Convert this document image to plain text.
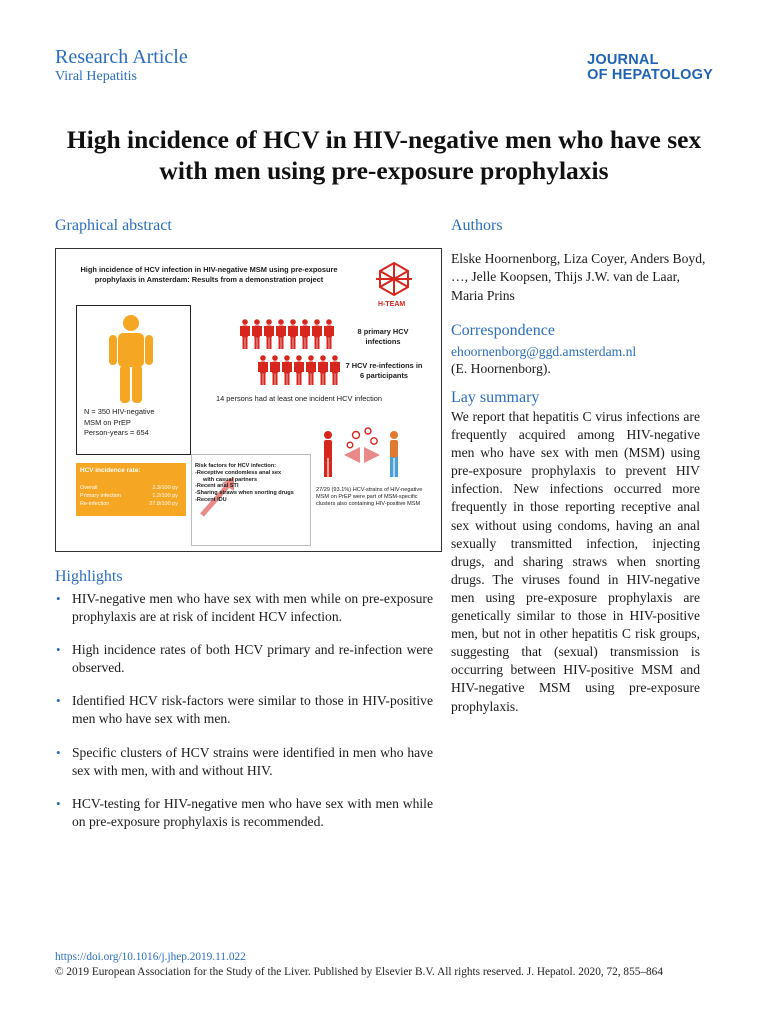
Research Article
Viral Hepatitis
JOURNAL
OF HEPATOLOGY
High incidence of HCV in HIV-negative men who have sex with men using pre-exposure prophylaxis
Graphical abstract
High incidence of HCV infection in HIV-negative MSM using pre-exposure prophylaxis in Amsterdam: Results from a demonstration project
H-TEAM
N = 350 HIV-negative
MSM on PrEP
Person-years = 654
8 primary HCV infections
7 HCV re-infections in 6 participants
14 persons had at least one incident HCV infection
HCV incidence rate:
Overall	2.3/100 py
Primary infection	1.2/100 py
Re-infection	27.8/100 py
Risk factors for HCV infection:
-Receptive condomless anal sex
with casual partners
-Recent anal STI
-Sharing straws when snorting drugs
-Recent IDU
27/29 (93.1%) HCV-strains of HIV-negative MSM on PrEP were part of MSM-specific clusters also containing HIV-positive MSM
Highlights
• HIV-negative men who have sex with men while on pre-exposure prophylaxis are at risk of incident HCV infection.
• High incidence rates of both HCV primary and re-infection were observed.
• Identified HCV risk-factors were similar to those in HIV-positive men who have sex with men.
• Specific clusters of HCV strains were identified in men who have sex with men, with and without HIV.
• HCV-testing for HIV-negative men who have sex with men while on pre-exposure prophylaxis is recommended.
Authors
Elske Hoornenborg, Liza Coyer, Anders Boyd, …, Jelle Koopsen, Thijs J.W. van de Laar, Maria Prins
Correspondence
ehoornenborg@ggd.amsterdam.nl
(E. Hoornenborg).
Lay summary
We report that hepatitis C virus infections are frequently acquired among HIV-negative men who have sex with men (MSM) using pre-exposure prophylaxis to prevent HIV infection. New infections occurred more frequently in those reporting receptive anal sex without using condoms, having an anal sexually transmitted infection, injecting drugs, and sharing straws when snorting drugs. The viruses found in HIV-negative men using pre-exposure prophylaxis are genetically similar to those in HIV-positive men, but not in other hepatitis C risk groups, suggesting that (sexual) transmission is occurring between HIV-positive MSM and HIV-negative MSM using pre-exposure prophylaxis.
https://doi.org/10.1016/j.jhep.2019.11.022
© 2019 European Association for the Study of the Liver. Published by Elsevier B.V. All rights reserved. J. Hepatol. 2020, 72, 855–864
